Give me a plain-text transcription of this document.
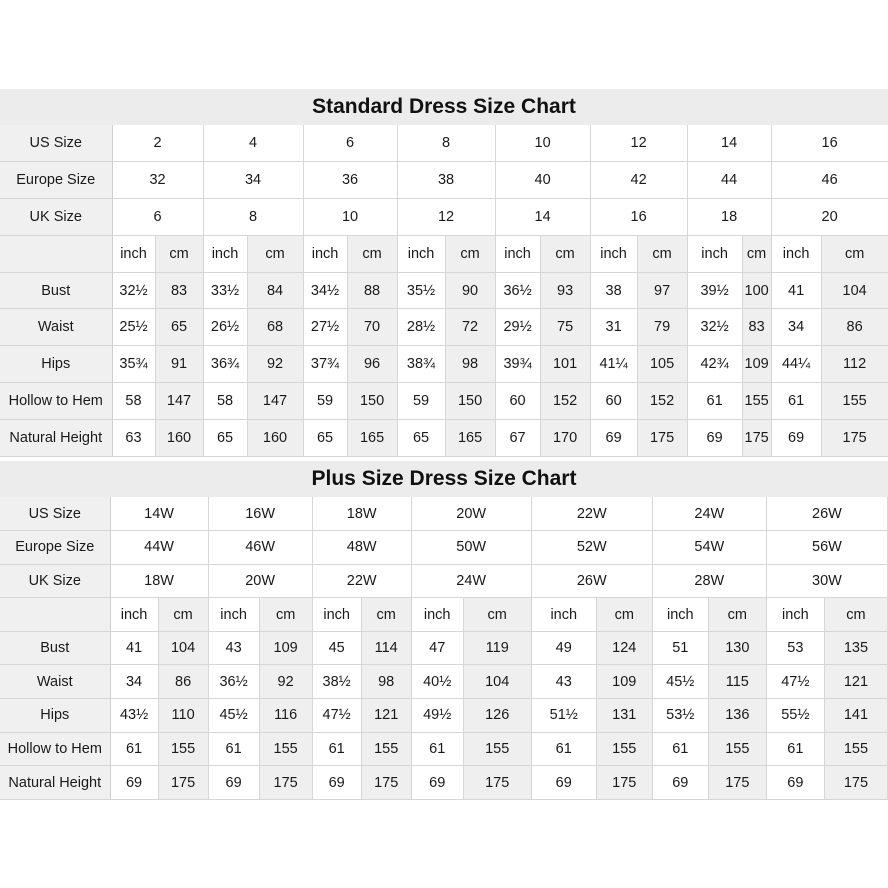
Standard Dress Size Chart
US Size	2		4		6		8		10		12		14		16	
Europe Size	32		34		36		38		40		42		44		46	
UK Size	6		8		10		12		14		16		18		20	
	inch	cm	inch	cm	inch	cm	inch	cm	inch	cm	inch	cm	inch	cm	inch	cm
Bust	32½	83	33½	84	34½	88	35½	90	36½	93	38	97	39½	100	41	104
Waist	25½	65	26½	68	27½	70	28½	72	29½	75	31	79	32½	83	34	86
Hips	35¾	91	36¾	92	37¾	96	38¾	98	39¾	101	41¼	105	42¾	109	44¼	112
Hollow to Hem	58	147	58	147	59	150	59	150	60	152	60	152	61	155	61	155
Natural Height	63	160	65	160	65	165	65	165	67	170	69	175	69	175	69	175
Plus Size Dress Size Chart
US Size	14W		16W		18W		20W		22W		24W		26W	
Europe Size	44W		46W		48W		50W		52W		54W		56W	
UK Size	18W		20W		22W		24W		26W		28W		30W	
	inch	cm	inch	cm	inch	cm	inch	cm	inch	cm	inch	cm	inch	cm
Bust	41	104	43	109	45	114	47	119	49	124	51	130	53	135
Waist	34	86	36½	92	38½	98	40½	104	43	109	45½	115	47½	121
Hips	43½	110	45½	116	47½	121	49½	126	51½	131	53½	136	55½	141
Hollow to Hem	61	155	61	155	61	155	61	155	61	155	61	155	61	155
Natural Height	69	175	69	175	69	175	69	175	69	175	69	175	69	175
